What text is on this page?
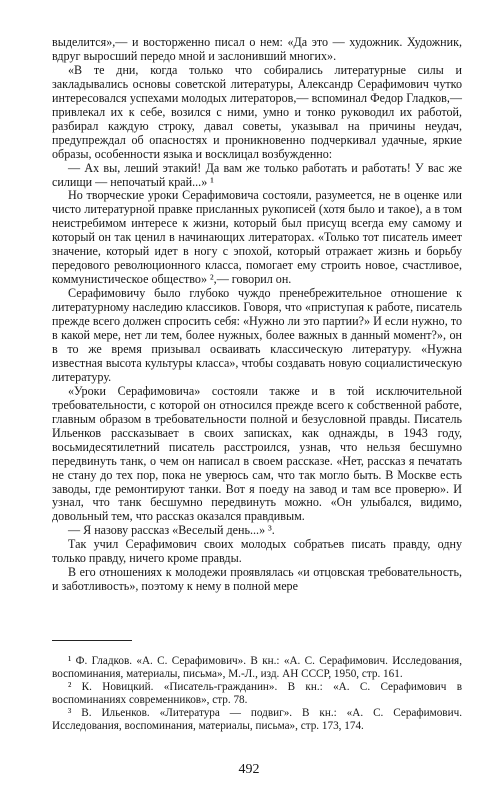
выделится»,— и восторженно писал о нем: «Да это — художник. Художник, вдруг выросший передо мной и заслонивший многих».

«В те дни, когда только что собирались литературные силы и закладывались основы советской литературы, Александр Серафимович чутко интересовался успехами молодых литераторов,— вспоминал Федор Гладков,— привлекал их к себе, возился с ними, умно и тонко руководил их работой, разбирал каждую строку, давал советы, указывал на причины неудач, предупреждал об опасностях и проникновенно подчеркивал удачные, яркие образы, особенности языка и восклицал возбужденно:

— Ах вы, леший этакий! Да вам же только работать и работать! У вас же силищи — непочатый край...» ¹

Но творческие уроки Серафимовича состояли, разумеется, не в оценке или чисто литературной правке присланных рукописей (хотя было и такое), а в том неистребимом интересе к жизни, который был присущ всегда ему самому и который он так ценил в начинающих литераторах. «Только тот писатель имеет значение, который идет в ногу с эпохой, который отражает жизнь и борьбу передового революционного класса, помогает ему строить новое, счастливое, коммунистическое общество» ²,— говорил он.

Серафимовичу было глубоко чуждо пренебрежительное отношение к литературному наследию классиков. Говоря, что «приступая к работе, писатель прежде всего должен спросить себя: «Нужно ли это партии?» И если нужно, то в какой мере, нет ли тем, более нужных, более важных в данный момент?», он в то же время призывал осваивать классическую литературу. «Нужна известная высота культуры класса», чтобы создавать новую социалистическую литературу.

«Уроки Серафимовича» состояли также и в той исключительной требовательности, с которой он относился прежде всего к собственной работе, главным образом в требовательности полной и безусловной правды. Писатель Ильенков рассказывает в своих записках, как однажды, в 1943 году, восьмидесятилетний писатель расстроился, узнав, что нельзя бесшумно передвинуть танк, о чем он написал в своем рассказе. «Нет, рассказ я печатать не стану до тех пор, пока не уверюсь сам, что так могло быть. В Москве есть заводы, где ремонтируют танки. Вот я поеду на завод и там все проверю». И узнал, что танк бесшумно передвинуть можно. «Он улыбался, видимо, довольный тем, что рассказ оказался правдивым.

— Я назову рассказ «Веселый день...» ³.

Так учил Серафимович своих молодых собратьев писать правду, одну только правду, ничего кроме правды.

В его отношениях к молодежи проявлялась «и отцовская требовательность, и заботливость», поэтому к нему в полной мере

¹ Ф. Гладков. «А. С. Серафимович». В кн.: «А. С. Серафимович. Исследования, воспоминания, материалы, письма», М.-Л., изд. АН СССР, 1950, стр. 161.

² К. Новицкий. «Писатель-гражданин». В кн.: «А. С. Серафимович в воспоминаниях современников», стр. 78.

³ В. Ильенков. «Литература — подвиг». В кн.: «А. С. Серафимович. Исследования, воспоминания, материалы, письма», стр. 173, 174.

492
